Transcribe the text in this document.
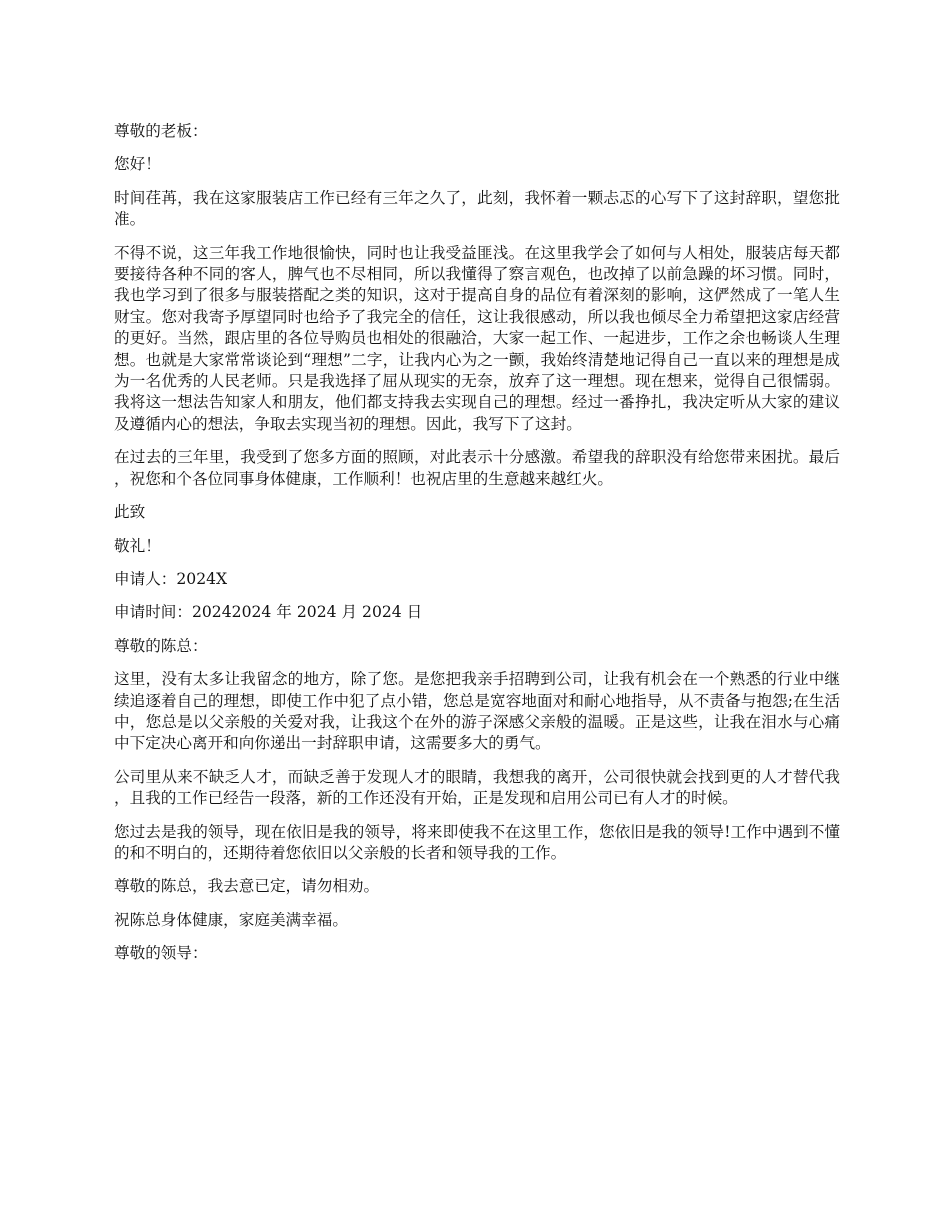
尊敬的老板：

您好！

时间荏苒，我在这家服装店工作已经有三年之久了，此刻，我怀着一颗忐忑的心写下了这封辞职，望您批准。

不得不说，这三年我工作地很愉快，同时也让我受益匪浅。在这里我学会了如何与人相处，服装店每天都要接待各种不同的客人，脾气也不尽相同，所以我懂得了察言观色，也改掉了以前急躁的坏习惯。同时，我也学习到了很多与服装搭配之类的知识，这对于提高自身的品位有着深刻的影响，这俨然成了一笔人生财宝。您对我寄予厚望同时也给予了我完全的信任，这让我很感动，所以我也倾尽全力希望把这家店经营的更好。当然，跟店里的各位导购员也相处的很融洽，大家一起工作、一起进步，工作之余也畅谈人生理想。也就是大家常常谈论到“理想”二字，让我内心为之一颤，我始终清楚地记得自己一直以来的理想是成为一名优秀的人民老师。只是我选择了屈从现实的无奈，放弃了这一理想。现在想来，觉得自己很懦弱。我将这一想法告知家人和朋友，他们都支持我去实现自己的理想。经过一番挣扎，我决定听从大家的建议及遵循内心的想法，争取去实现当初的理想。因此，我写下了这封。

在过去的三年里，我受到了您多方面的照顾，对此表示十分感激。希望我的辞职没有给您带来困扰。最后，祝您和个各位同事身体健康，工作顺利！也祝店里的生意越来越红火。

此致

敬礼！

申请人：2024X

申请时间：20242024 年 2024 月 2024 日

尊敬的陈总：

这里，没有太多让我留念的地方，除了您。是您把我亲手招聘到公司，让我有机会在一个熟悉的行业中继续追逐着自己的理想，即使工作中犯了点小错，您总是宽容地面对和耐心地指导，从不责备与抱怨;在生活中，您总是以父亲般的关爱对我，让我这个在外的游子深感父亲般的温暖。正是这些，让我在泪水与心痛中下定决心离开和向你递出一封辞职申请，这需要多大的勇气。

公司里从来不缺乏人才，而缺乏善于发现人才的眼睛，我想我的离开，公司很快就会找到更的人才替代我，且我的工作已经告一段落，新的工作还没有开始，正是发现和启用公司已有人才的时候。

您过去是我的领导，现在依旧是我的领导，将来即使我不在这里工作，您依旧是我的领导!工作中遇到不懂的和不明白的，还期待着您依旧以父亲般的长者和领导我的工作。

尊敬的陈总，我去意已定，请勿相劝。

祝陈总身体健康，家庭美满幸福。

尊敬的领导：
